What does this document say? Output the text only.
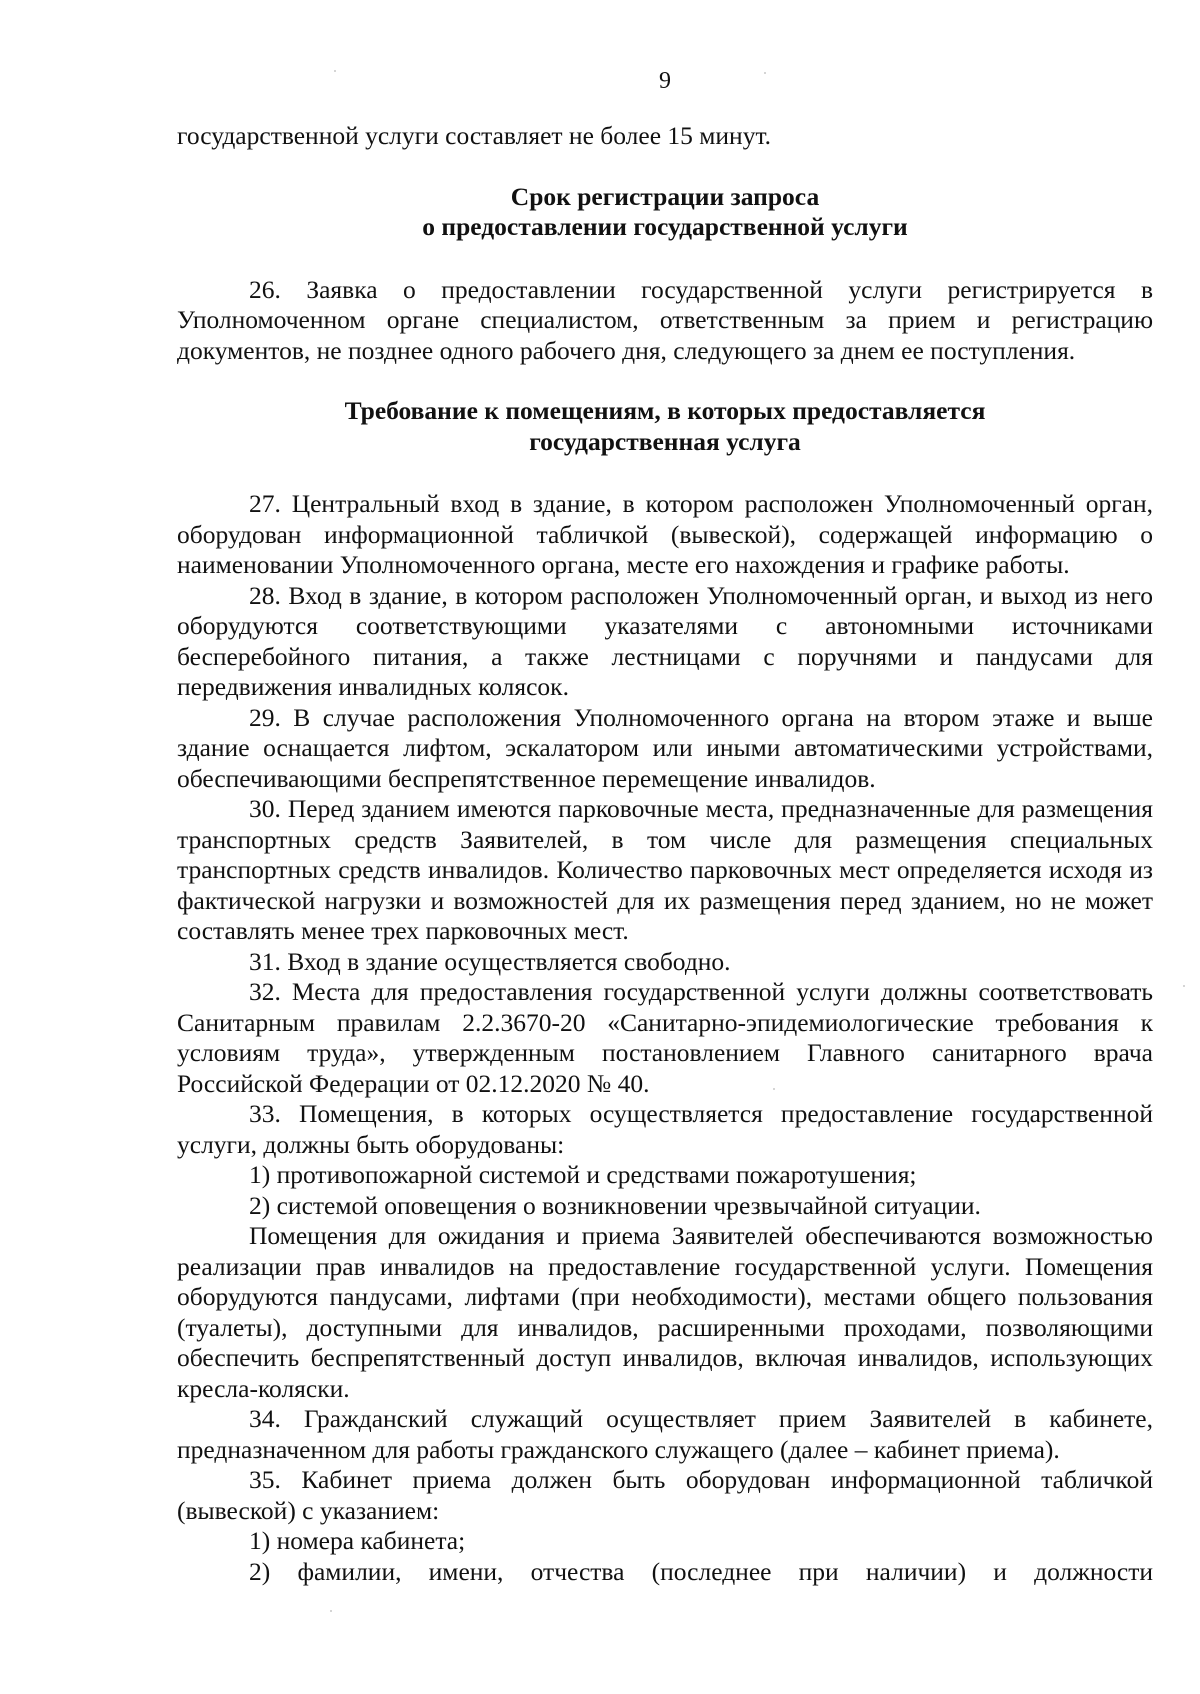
9

государственной услуги составляет не более 15 минут.

Срок регистрации запроса
о предоставлении государственной услуги

26. Заявка о предоставлении государственной услуги регистрируется в Уполномоченном органе специалистом, ответственным за прием и регистрацию документов, не позднее одного рабочего дня, следующего за днем ее поступления.

Требование к помещениям, в которых предоставляется
государственная услуга

27. Центральный вход в здание, в котором расположен Уполномоченный орган, оборудован информационной табличкой (вывеской), содержащей информацию о наименовании Уполномоченного органа, месте его нахождения и графике работы.

28. Вход в здание, в котором расположен Уполномоченный орган, и выход из него оборудуются соответствующими указателями с автономными источниками бесперебойного питания, а также лестницами с поручнями и пандусами для передвижения инвалидных колясок.

29. В случае расположения Уполномоченного органа на втором этаже и выше здание оснащается лифтом, эскалатором или иными автоматическими устройствами, обеспечивающими беспрепятственное перемещение инвалидов.

30. Перед зданием имеются парковочные места, предназначенные для размещения транспортных средств Заявителей, в том числе для размещения специальных транспортных средств инвалидов. Количество парковочных мест определяется исходя из фактической нагрузки и возможностей для их размещения перед зданием, но не может составлять менее трех парковочных мест.

31. Вход в здание осуществляется свободно.

32. Места для предоставления государственной услуги должны соответствовать Санитарным правилам 2.2.3670-20 «Санитарно-эпидемиологические требования к условиям труда», утвержденным постановлением Главного санитарного врача Российской Федерации от 02.12.2020 № 40.

33. Помещения, в которых осуществляется предоставление государственной услуги, должны быть оборудованы:

1) противопожарной системой и средствами пожаротушения;

2) системой оповещения о возникновении чрезвычайной ситуации.

Помещения для ожидания и приема Заявителей обеспечиваются возможностью реализации прав инвалидов на предоставление государственной услуги. Помещения оборудуются пандусами, лифтами (при необходимости), местами общего пользования (туалеты), доступными для инвалидов, расширенными проходами, позволяющими обеспечить беспрепятственный доступ инвалидов, включая инвалидов, использующих кресла-коляски.

34. Гражданский служащий осуществляет прием Заявителей в кабинете, предназначенном для работы гражданского служащего (далее – кабинет приема).

35. Кабинет приема должен быть оборудован информационной табличкой (вывеской) с указанием:

1) номера кабинета;

2) фамилии, имени, отчества (последнее при наличии) и должности
